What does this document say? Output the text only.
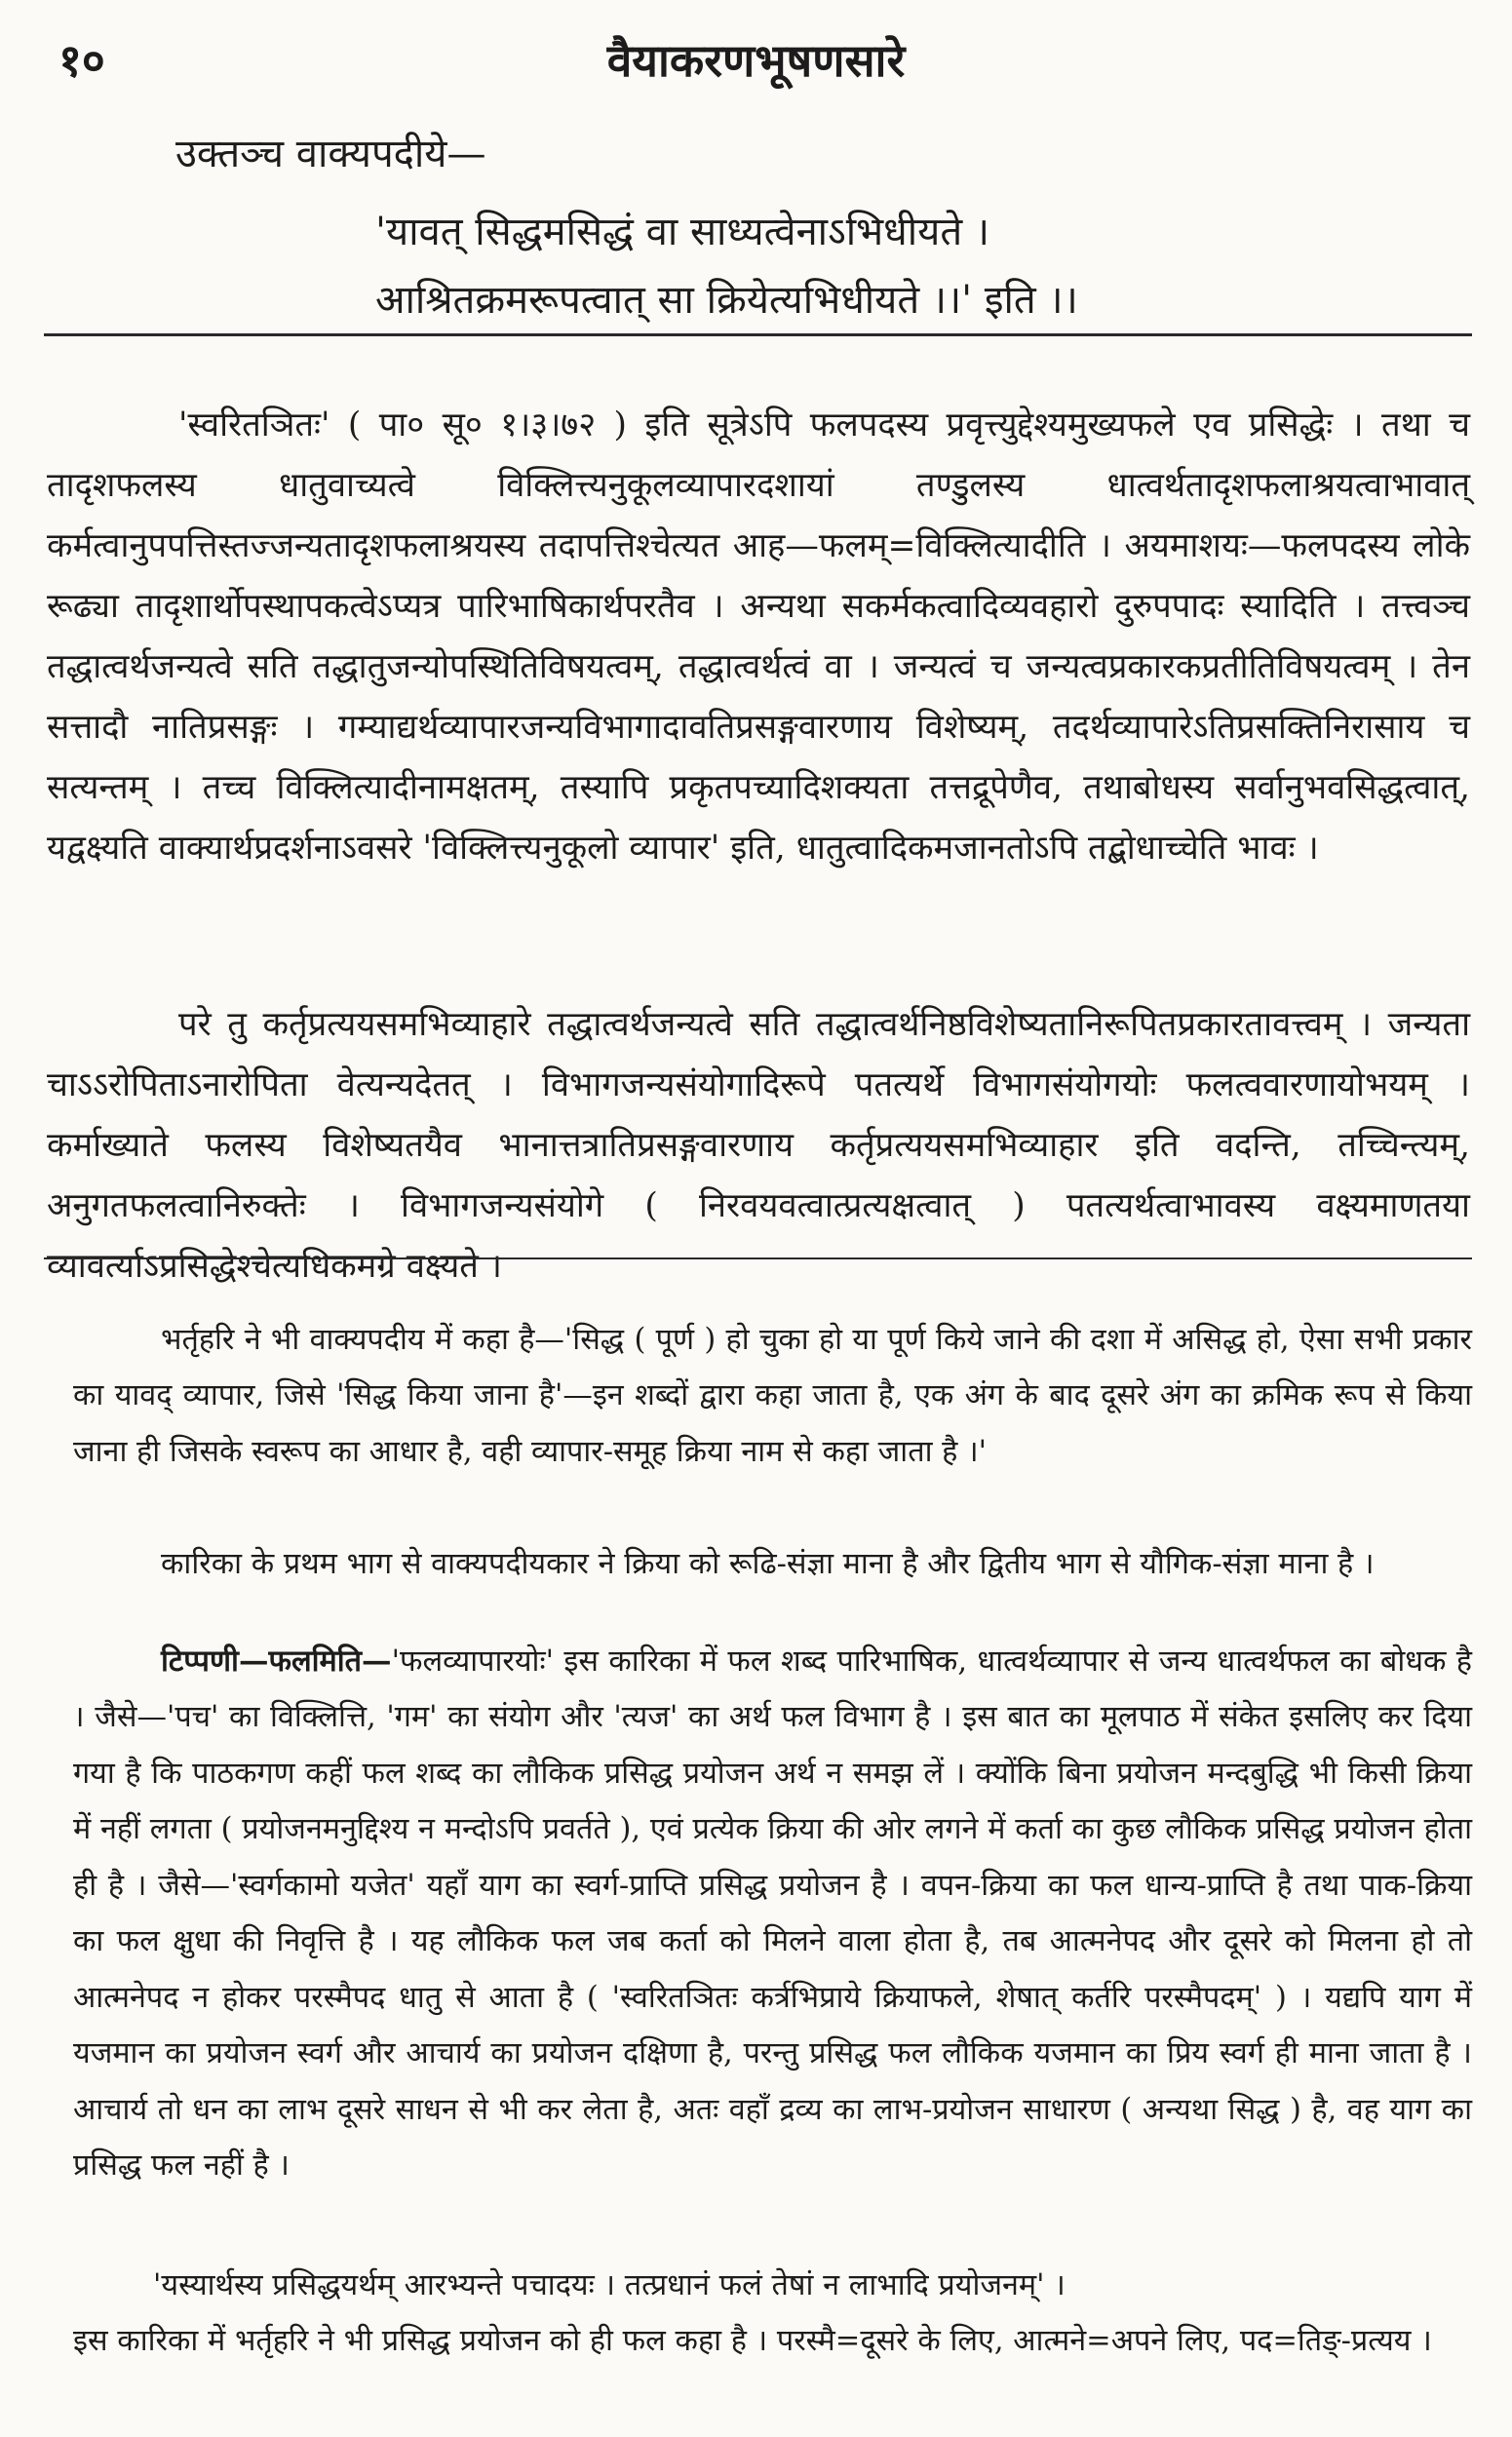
१०	वैयाकरणभूषणसारे
उक्तञ्च वाक्यपदीये—
'यावत् सिद्धमसिद्धं वा साध्यत्वेनाऽभिधीयते ।
आश्रितक्रमरूपत्वात् सा क्रियेत्यभिधीयते ।।' इति ।।

'स्वरितञितः' ( पा० सू० १।३।७२ ) इति सूत्रेऽपि फलपदस्य प्रवृत्त्युद्देश्यमुख्यफले एव प्रसिद्धेः । तथा च तादृशफलस्य धातुवाच्यत्वे विक्लित्त्यनुकूलव्यापारदशायां तण्डुलस्य धात्वर्थतादृशफलाश्रयत्वाभावात् कर्मत्वानुपपत्तिस्तज्जन्यतादृशफलाश्रयस्य तदापत्तिश्चेत्यत आह—फलम्=विक्लित्यादीति । अयमाशयः—फलपदस्य लोके रूढ्या तादृशार्थोपस्थापकत्वेऽप्यत्र पारिभाषिकार्थपरतैव । अन्यथा सकर्मकत्वादिव्यवहारो दुरुपपादः स्यादिति । तत्त्वञ्च तद्धात्वर्थजन्यत्वे सति तद्धातुजन्योपस्थितिविषयत्वम्, तद्धात्वर्थत्वं वा । जन्यत्वं च जन्यत्वप्रकारकप्रतीतिविषयत्वम् । तेन सत्तादौ नातिप्रसङ्गः । गम्याद्यर्थव्यापारजन्यविभागादावतिप्रसङ्गवारणाय विशेष्यम्, तदर्थव्यापारेऽतिप्रसक्तिनिरासाय च सत्यन्तम् । तच्च विक्लित्यादीनामक्षतम्, तस्यापि प्रकृतपच्यादिशक्यता तत्तद्रूपेणैव, तथाबोधस्य सर्वानुभवसिद्धत्वात्, यद्वक्ष्यति वाक्यार्थप्रदर्शनाऽवसरे 'विक्लित्त्यनुकूलो व्यापार' इति, धातुत्वादिकमजानतोऽपि तद्बोधाच्चेति भावः ।

परे तु कर्तृप्रत्ययसमभिव्याहारे तद्धात्वर्थजन्यत्वे सति तद्धात्वर्थनिष्ठविशेष्यतानिरूपितप्रकारतावत्त्वम् । जन्यता चाऽऽरोपिताऽनारोपिता वेत्यन्यदेतत् । विभागजन्यसंयोगादिरूपे पतत्यर्थे विभागसंयोगयोः फलत्ववारणायोभयम् । कर्माख्याते फलस्य विशेष्यतयैव भानात्तत्रातिप्रसङ्गवारणाय कर्तृप्रत्ययसमभिव्याहार इति वदन्ति, तच्चिन्त्यम्, अनुगतफलत्वानिरुक्तेः । विभागजन्यसंयोगे ( निरवयवत्वात्प्रत्यक्षत्वात् ) पतत्यर्थत्वाभावस्य वक्ष्यमाणतया व्यावर्त्याऽप्रसिद्धेश्चेत्यधिकमग्रे वक्ष्यते ।

भर्तृहरि ने भी वाक्यपदीय में कहा है—'सिद्ध ( पूर्ण ) हो चुका हो या पूर्ण किये जाने की दशा में असिद्ध हो, ऐसा सभी प्रकार का यावद् व्यापार, जिसे 'सिद्ध किया जाना है'—इन शब्दों द्वारा कहा जाता है, एक अंग के बाद दूसरे अंग का क्रमिक रूप से किया जाना ही जिसके स्वरूप का आधार है, वही व्यापार-समूह क्रिया नाम से कहा जाता है ।'

कारिका के प्रथम भाग से वाक्यपदीयकार ने क्रिया को रूढि-संज्ञा माना है और द्वितीय भाग से यौगिक-संज्ञा माना है ।

टिप्पणी—फलमिति—'फलव्यापारयोः' इस कारिका में फल शब्द पारिभाषिक, धात्वर्थव्यापार से जन्य धात्वर्थफल का बोधक है । जैसे—'पच' का विक्लित्ति, 'गम' का संयोग और 'त्यज' का अर्थ फल विभाग है । इस बात का मूलपाठ में संकेत इसलिए कर दिया गया है कि पाठकगण कहीं फल शब्द का लौकिक प्रसिद्ध प्रयोजन अर्थ न समझ लें । क्योंकि बिना प्रयोजन मन्दबुद्धि भी किसी क्रिया में नहीं लगता ( प्रयोजनमनुद्दिश्य न मन्दोऽपि प्रवर्तते ), एवं प्रत्येक क्रिया की ओर लगने में कर्ता का कुछ लौकिक प्रसिद्ध प्रयोजन होता ही है । जैसे—'स्वर्गकामो यजेत' यहाँ याग का स्वर्ग-प्राप्ति प्रसिद्ध प्रयोजन है । वपन-क्रिया का फल धान्य-प्राप्ति है तथा पाक-क्रिया का फल क्षुधा की निवृत्ति है । यह लौकिक फल जब कर्ता को मिलने वाला होता है, तब आत्मनेपद और दूसरे को मिलना हो तो आत्मनेपद न होकर परस्मैपद धातु से आता है ( 'स्वरितञितः कर्त्रभिप्राये क्रियाफले, शेषात् कर्तरि परस्मैपदम्' ) । यद्यपि याग में यजमान का प्रयोजन स्वर्ग और आचार्य का प्रयोजन दक्षिणा है, परन्तु प्रसिद्ध फल लौकिक यजमान का प्रिय स्वर्ग ही माना जाता है । आचार्य तो धन का लाभ दूसरे साधन से भी कर लेता है, अतः वहाँ द्रव्य का लाभ-प्रयोजन साधारण ( अन्यथा सिद्ध ) है, वह याग का प्रसिद्ध फल नहीं है ।

'यस्यार्थस्य प्रसिद्धयर्थम् आरभ्यन्ते पचादयः । तत्प्रधानं फलं तेषां न लाभादि प्रयोजनम्' ।
इस कारिका में भर्तृहरि ने भी प्रसिद्ध प्रयोजन को ही फल कहा है । परस्मै=दूसरे के लिए, आत्मने=अपने लिए, पद=तिङ्-प्रत्यय ।
